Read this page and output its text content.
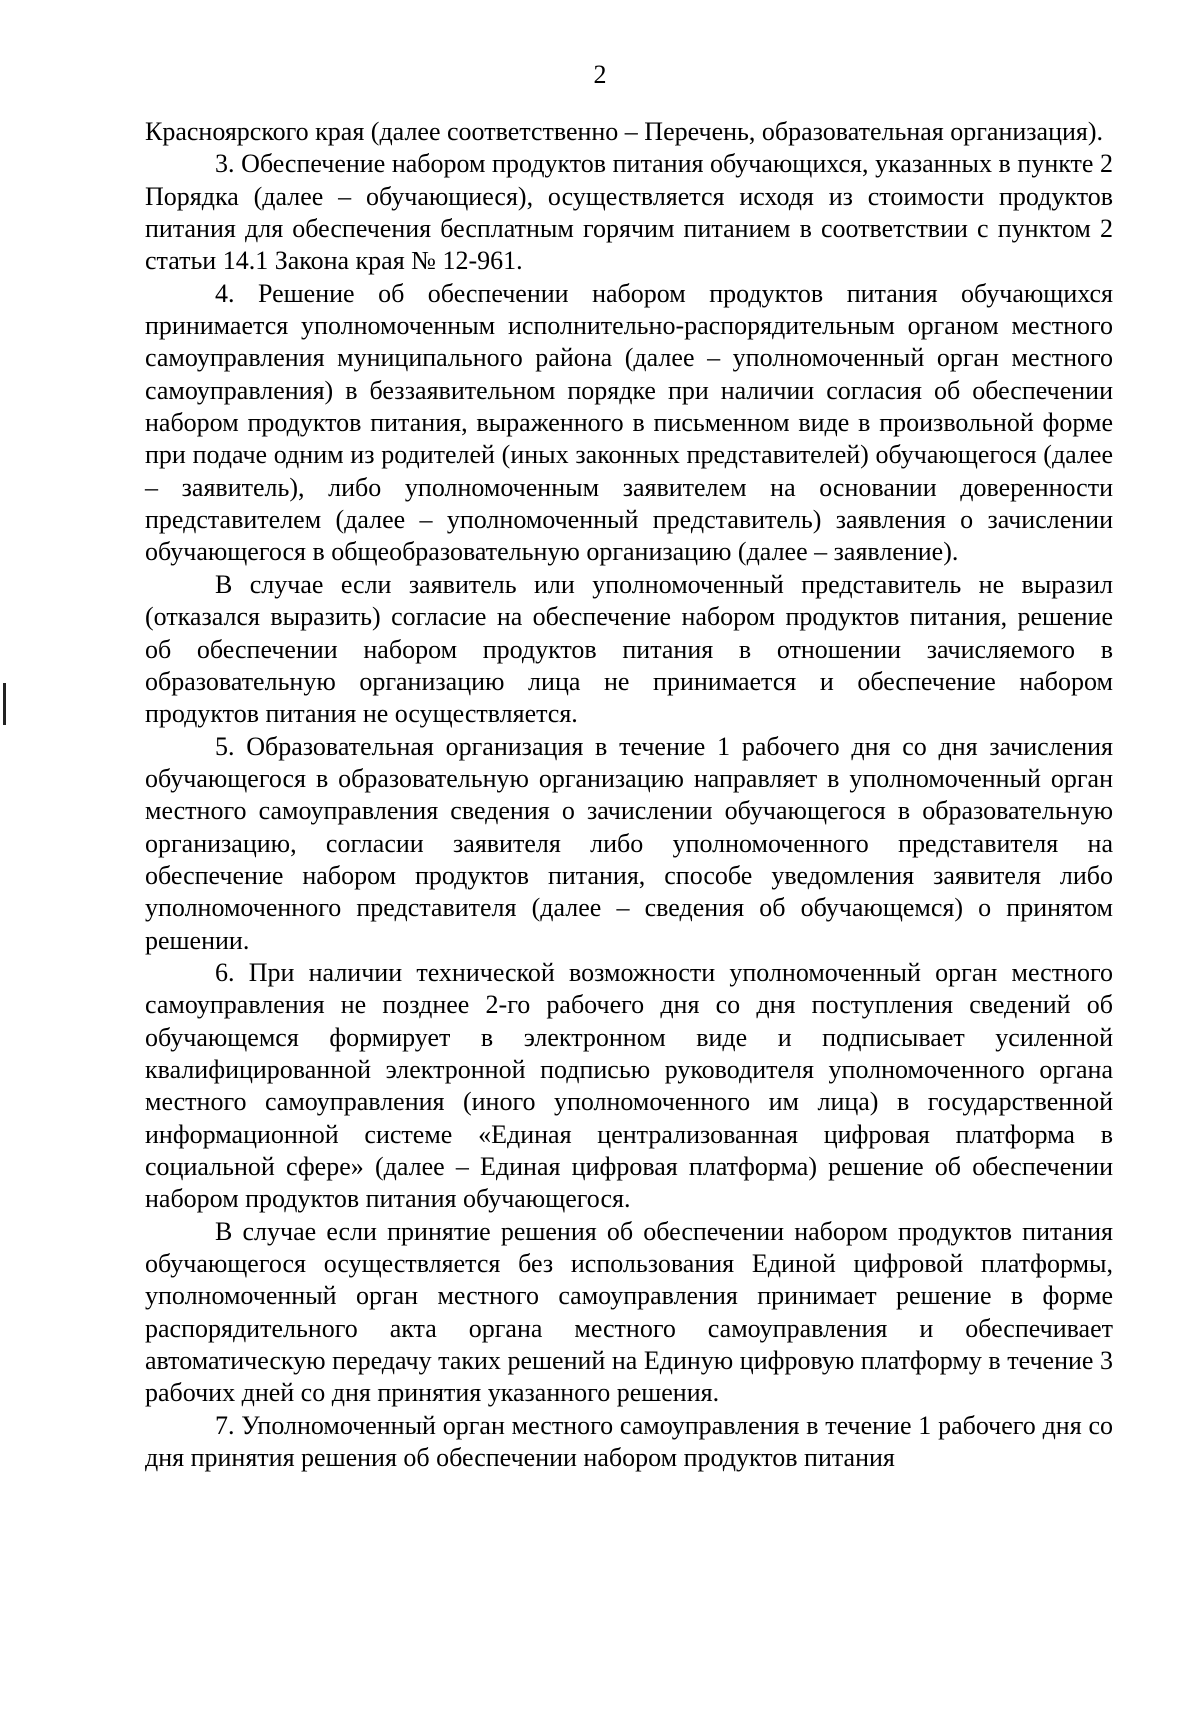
2

Красноярского края (далее соответственно – Перечень, образовательная организация).

3. Обеспечение набором продуктов питания обучающихся, указанных в пункте 2 Порядка (далее – обучающиеся), осуществляется исходя из стоимости продуктов питания для обеспечения бесплатным горячим питанием в соответствии с пунктом 2 статьи 14.1 Закона края № 12-961.

4. Решение об обеспечении набором продуктов питания обучающихся принимается уполномоченным исполнительно-распорядительным органом местного самоуправления муниципального района (далее – уполномоченный орган местного самоуправления) в беззаявительном порядке при наличии согласия об обеспечении набором продуктов питания, выраженного в письменном виде в произвольной форме при подаче одним из родителей (иных законных представителей) обучающегося (далее – заявитель), либо уполномоченным заявителем на основании доверенности представителем (далее – уполномоченный представитель) заявления о зачислении обучающегося в общеобразовательную организацию (далее – заявление).

В случае если заявитель или уполномоченный представитель не выразил (отказался выразить) согласие на обеспечение набором продуктов питания, решение об обеспечении набором продуктов питания в отношении зачисляемого в образовательную организацию лица не принимается и обеспечение набором продуктов питания не осуществляется.

5. Образовательная организация в течение 1 рабочего дня со дня зачисления обучающегося в образовательную организацию направляет в уполномоченный орган местного самоуправления сведения о зачислении обучающегося в образовательную организацию, согласии заявителя либо уполномоченного представителя на обеспечение набором продуктов питания, способе уведомления заявителя либо уполномоченного представителя (далее – сведения об обучающемся) о принятом решении.

6. При наличии технической возможности уполномоченный орган местного самоуправления не позднее 2-го рабочего дня со дня поступления сведений об обучающемся формирует в электронном виде и подписывает усиленной квалифицированной электронной подписью руководителя уполномоченного органа местного самоуправления (иного уполномоченного им лица) в государственной информационной системе «Единая централизованная цифровая платформа в социальной сфере» (далее – Единая цифровая платформа) решение об обеспечении набором продуктов питания обучающегося.

В случае если принятие решения об обеспечении набором продуктов питания обучающегося осуществляется без использования Единой цифровой платформы, уполномоченный орган местного самоуправления принимает решение в форме распорядительного акта органа местного самоуправления и обеспечивает автоматическую передачу таких решений на Единую цифровую платформу в течение 3 рабочих дней со дня принятия указанного решения.

7. Уполномоченный орган местного самоуправления в течение 1 рабочего дня со дня принятия решения об обеспечении набором продуктов питания
